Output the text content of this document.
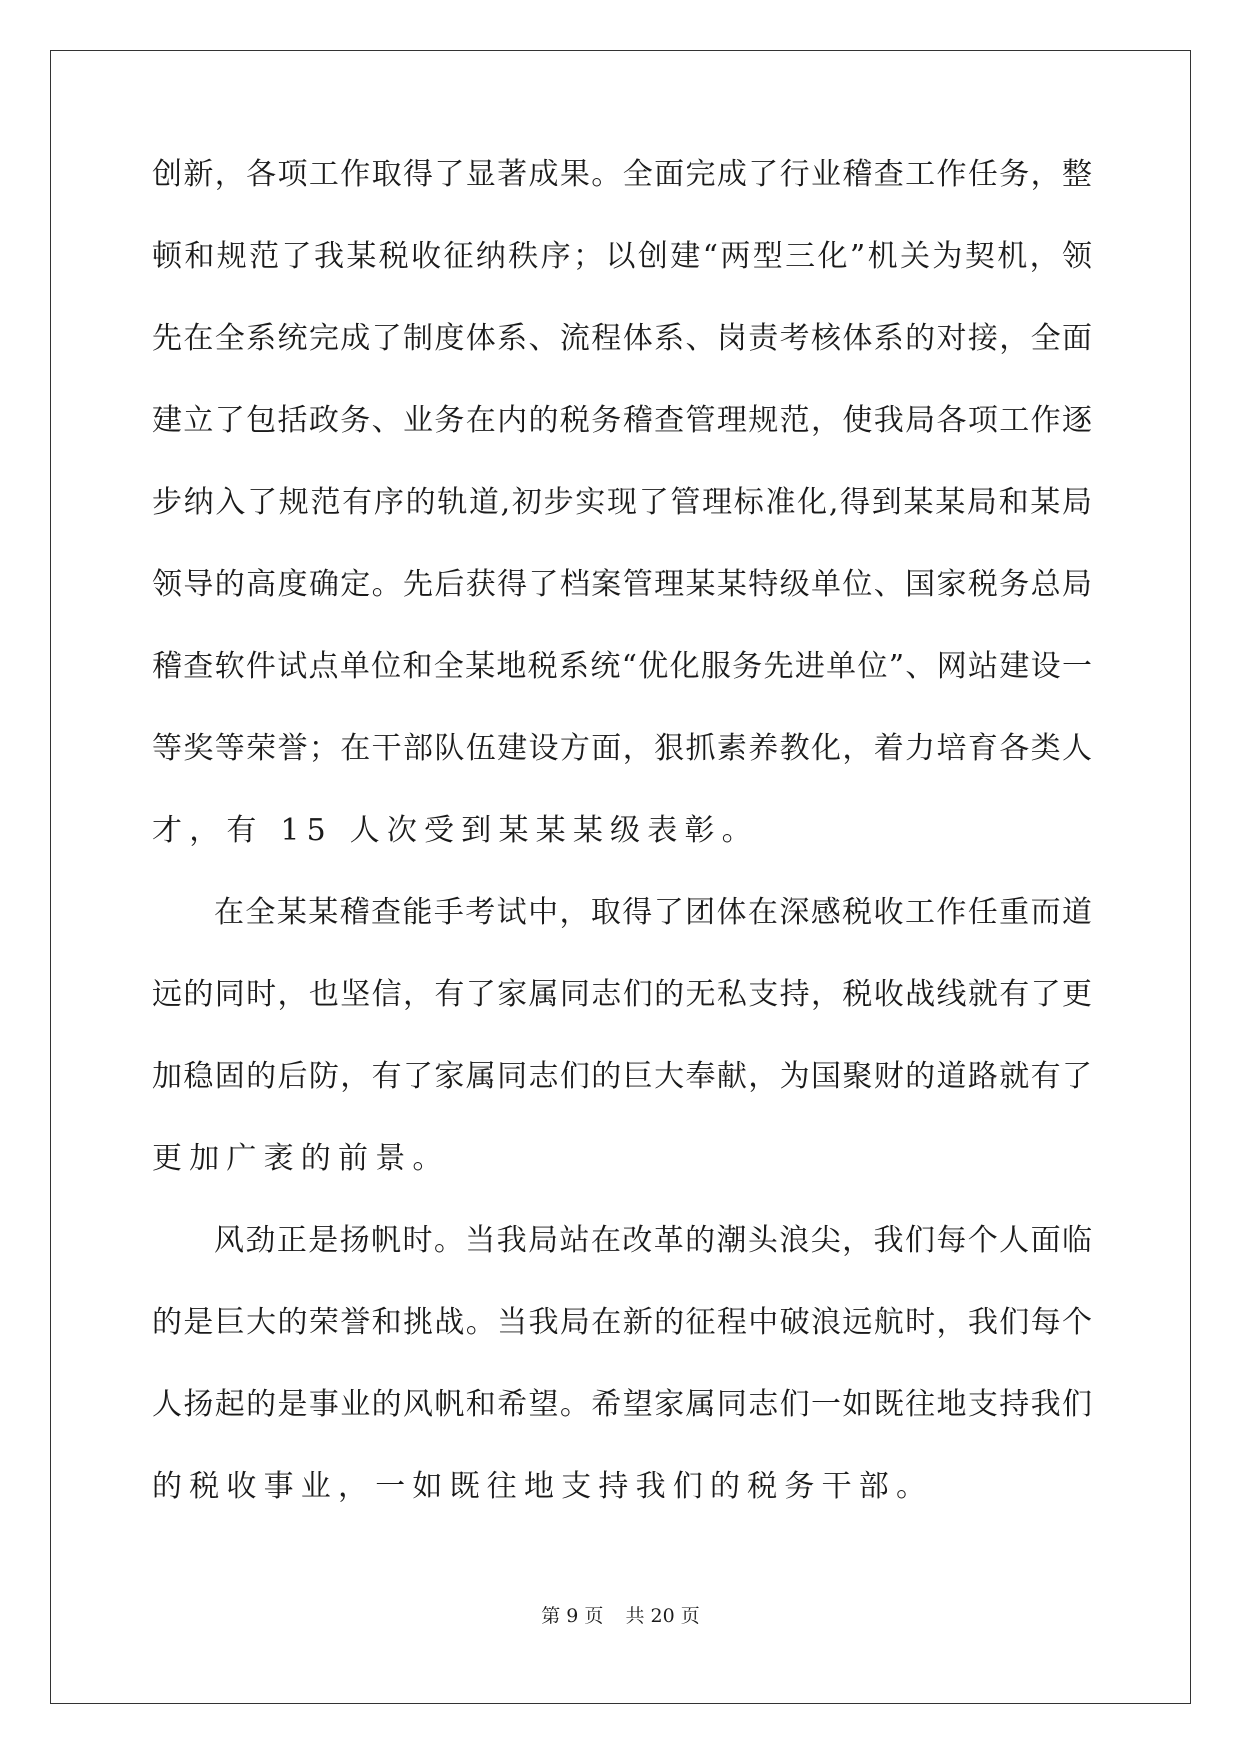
创新，各项工作取得了显著成果。全面完成了行业稽查工作任务，整
顿和规范了我某税收征纳秩序；以创建“两型三化”机关为契机，领
先在全系统完成了制度体系、流程体系、岗责考核体系的对接，全面
建立了包括政务、业务在内的税务稽查管理规范，使我局各项工作逐
步纳入了规范有序的轨道,初步实现了管理标准化,得到某某局和某局
领导的高度确定。先后获得了档案管理某某特级单位、国家税务总局
稽查软件试点单位和全某地税系统“优化服务先进单位”、网站建设一
等奖等荣誉；在干部队伍建设方面，狠抓素养教化，着力培育各类人
才，有 15 人次受到某某某级表彰。
在全某某稽查能手考试中，取得了团体在深感税收工作任重而道
远的同时，也坚信，有了家属同志们的无私支持，税收战线就有了更
加稳固的后防，有了家属同志们的巨大奉献，为国聚财的道路就有了
更加广袤的前景。
风劲正是扬帆时。当我局站在改革的潮头浪尖，我们每个人面临
的是巨大的荣誉和挑战。当我局在新的征程中破浪远航时，我们每个
人扬起的是事业的风帆和希望。希望家属同志们一如既往地支持我们
的税收事业，一如既往地支持我们的税务干部。
第 9 页 共 20 页
